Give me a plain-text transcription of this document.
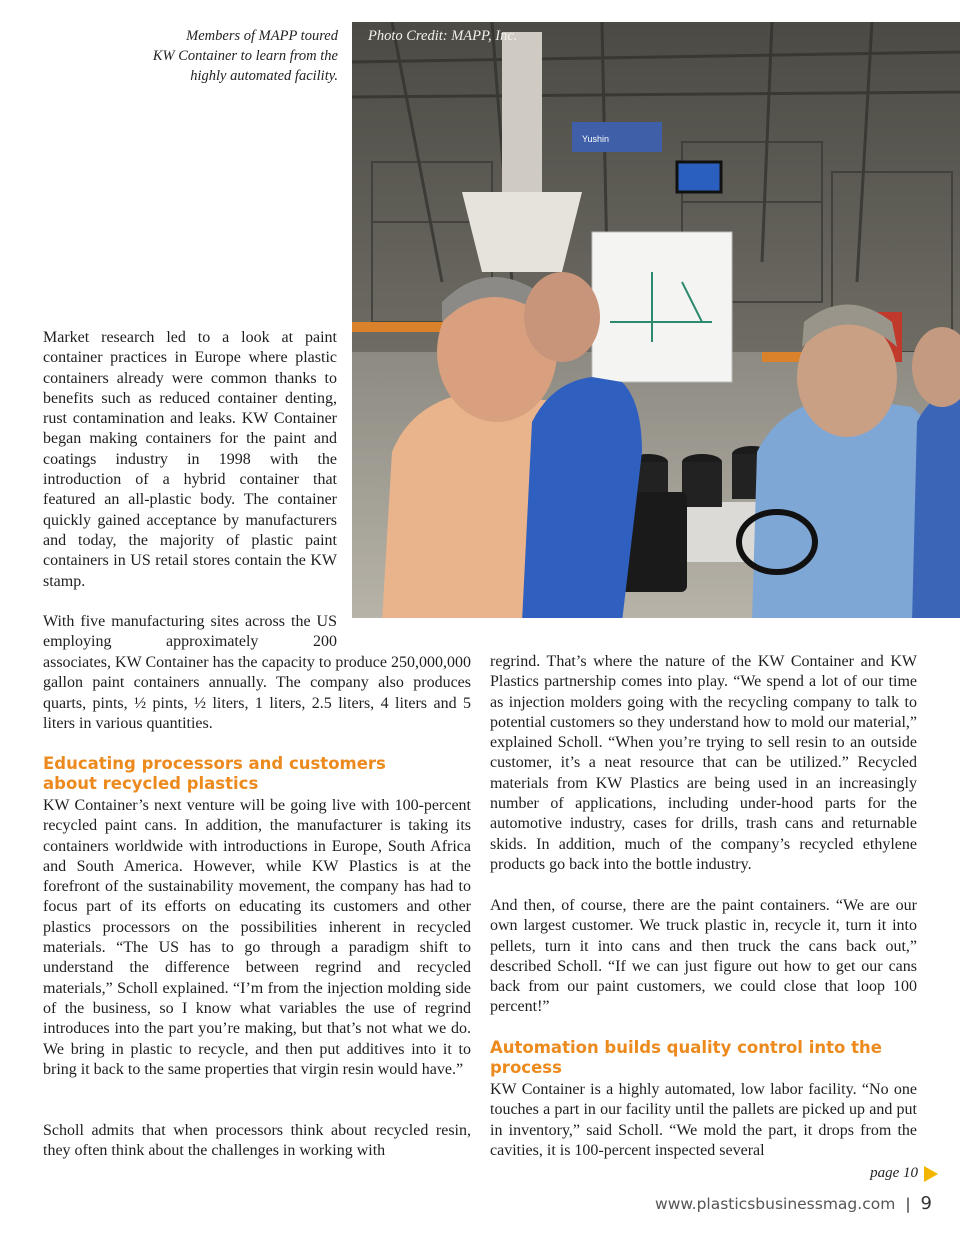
Members of MAPP toured
KW Container to learn from the
highly automated facility.
Photo Credit: MAPP, Inc.
Yushin

Market research led to a look at paint container practices in Europe where plastic containers already were common thanks to benefits such as reduced container denting, rust contamination and leaks. KW Container began making containers for the paint and coatings industry in 1998 with the introduction of a hybrid container that featured an all-plastic body. The container quickly gained acceptance by manufacturers and today, the majority of plastic paint containers in US retail stores contain the KW stamp.

With five manufacturing sites across the US employing approximately 200

associates, KW Container has the capacity to produce 250,000,000 gallon paint containers annually. The company also produces quarts, pints, ½ pints, ½ liters, 1 liters, 2.5 liters, 4 liters and 5 liters in various quantities.

Educating processors and customers about recycled plastics

KW Container’s next venture will be going live with 100-percent recycled paint cans. In addition, the manufacturer is taking its containers worldwide with introductions in Europe, South Africa and South America. However, while KW Plastics is at the forefront of the sustainability movement, the company has had to focus part of its efforts on educating its customers and other plastics processors on the possibilities inherent in recycled materials. “The US has to go through a paradigm shift to understand the difference between regrind and recycled materials,” Scholl explained. “I’m from the injection molding side of the business, so I know what variables the use of regrind introduces into the part you’re making, but that’s not what we do. We bring in plastic to recycle, and then put additives into it to bring it back to the same properties that virgin resin would have.”

Scholl admits that when processors think about recycled resin, they often think about the challenges in working with

regrind. That’s where the nature of the KW Container and KW Plastics partnership comes into play. “We spend a lot of our time as injection molders going with the recycling company to talk to potential customers so they understand how to mold our material,” explained Scholl. “When you’re trying to sell resin to an outside customer, it’s a neat resource that can be utilized.” Recycled materials from KW Plastics are being used in an increasingly number of applications, including under-hood parts for the automotive industry, cases for drills, trash cans and returnable skids. In addition, much of the company’s recycled ethylene products go back into the bottle industry.

And then, of course, there are the paint containers. “We are our own largest customer. We truck plastic in, recycle it, turn it into pellets, turn it into cans and then truck the cans back out,” described Scholl. “If we can just figure out how to get our cans back from our paint customers, we could close that loop 100 percent!”

Automation builds quality control into the process

KW Container is a highly automated, low labor facility. “No one touches a part in our facility until the pallets are picked up and put in inventory,” said Scholl. “We mold the part, it drops from the cavities, it is 100-percent inspected several

page 10
www.plasticsbusinessmag.com | 9
